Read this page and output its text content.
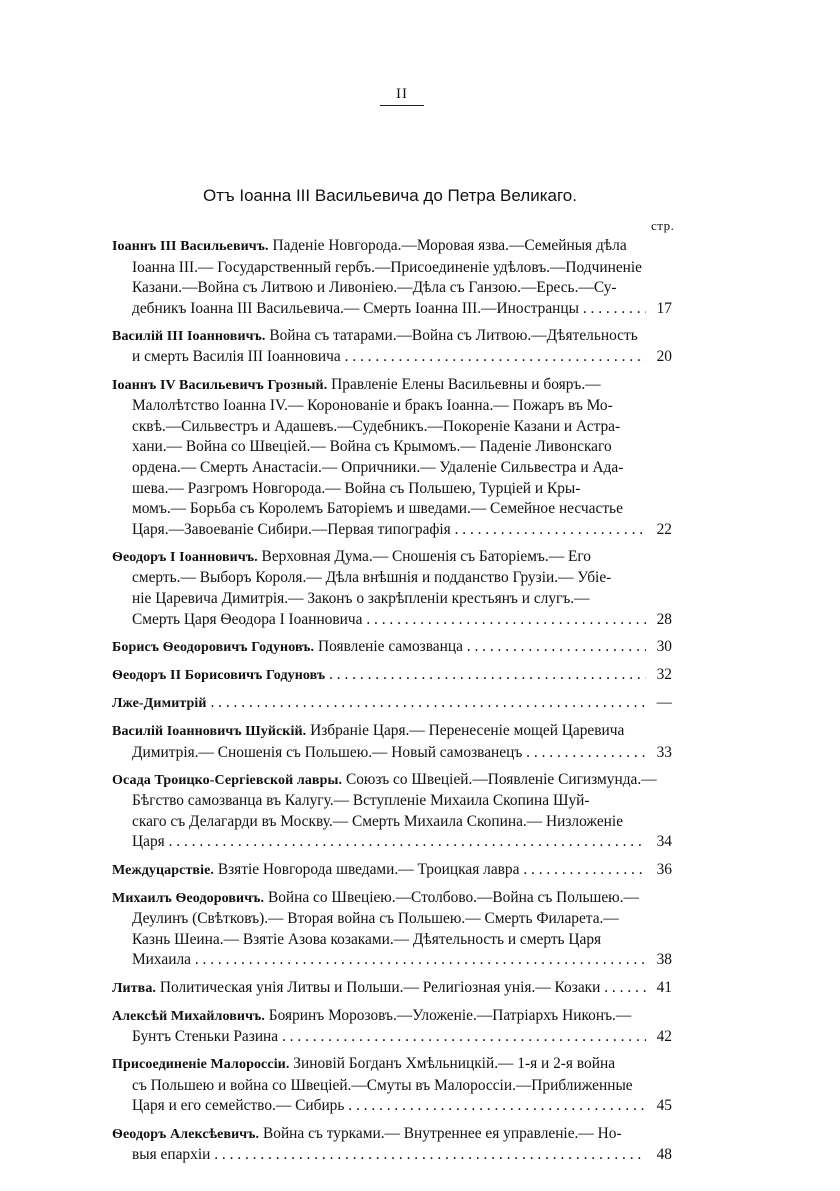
II
Отъ Іоанна III Васильевича до Петра Великаго.
стр.
Іоаннъ III Васильевичъ. Паденіе Новгорода.—Моровая язва.—Семейныя дѣла
Іоанна III.— Государственный гербъ.—Присоединеніе удѣловъ.—Подчиненіе
Казани.—Война съ Литвою и Ливоніею.—Дѣла съ Ганзою.—Ересь.—Су-
дебникъ Іоанна III Васильевича.— Смерть Іоанна III.—Иностранцы	17
. . .
Василій III Іоанновичъ. Война съ татарами.—Война съ Литвою.—Дѣятельность
и смерть Василія III Іоанновича	20
. . .
Іоаннъ IV Васильевичъ Грозный. Правленіе Елены Васильевны и бояръ.—
Малолѣтство Іоанна IV.— Коронованіе и бракъ Іоанна.— Пожаръ въ Мо-
сквѣ.—Сильвестръ и Адашевъ.—Судебникъ.—Покореніе Казани и Астра-
хани.— Война со Швеціей.— Война съ Крымомъ.— Паденіе Ливонскаго
ордена.— Смерть Анастасіи.— Опричники.— Удаленіе Сильвестра и Ада-
шева.— Разгромъ Новгорода.— Война съ Польшею, Турціей и Кры-
момъ.— Борьба съ Королемъ Баторіемъ и шведами.— Семейное несчастье
Царя.—Завоеваніе Сибири.—Первая типографія	22
. . .
Ѳеодоръ I Іоанновичъ. Верховная Дума.— Сношенія съ Баторіемъ.— Его
смерть.— Выборъ Короля.— Дѣла внѣшнія и подданство Грузіи.— Убіе-
ніе Царевича Димитрія.— Законъ о закрѣпленіи крестьянъ и слугъ.—
Смерть Царя Ѳеодора I Іоанновича	28
. . .
Борисъ Ѳеодоровичъ Годуновъ. Появленіе самозванца	30
. . .
Ѳеодоръ II Борисовичъ Годуновъ	32
. . .
Лже-Димитрій	—
. . .
Василій Іоанновичъ Шуйскій. Избраніе Царя.— Перенесеніе мощей Царевича
Димитрія.— Сношенія съ Польшею.— Новый самозванецъ	33
. . .
Осада Троицко-Сергіевской лавры. Союзъ со Швеціей.—Появленіе Сигизмунда.—
Бѣгство самозванца въ Калугу.— Вступленіе Михаила Скопина Шуй-
скаго съ Делагарди въ Москву.— Смерть Михаила Скопина.— Низложеніе
Царя	34
. . .
Междуцарствіе. Взятіе Новгорода шведами.— Троицкая лавра	36
. . .
Михаилъ Ѳеодоровичъ. Война со Швеціею.—Столбово.—Война съ Польшею.—
Деулинъ (Свѣтковъ).— Вторая война съ Польшею.— Смерть Филарета.—
Казнь Шеина.— Взятіе Азова козаками.— Дѣятельность и смерть Царя
Михаила	38
. . .
Литва. Политическая унія Литвы и Польши.— Религіозная унія.— Козаки	41
. . .
Алексѣй Михайловичъ. Бояринъ Морозовъ.—Уложеніе.—Патріархъ Никонъ.—
Бунтъ Стеньки Разина	42
. . .
Присоединеніе Малороссіи. Зиновій Богданъ Хмѣльницкій.— 1-я и 2-я война
съ Польшею и война со Швеціей.—Смуты въ Малороссіи.—Приближенные
Царя и его семейство.— Сибирь	45
. . .
Ѳеодоръ Алексѣевичъ. Война съ турками.— Внутреннее ея управленіе.— Но-
выя епархіи	48
. . .
